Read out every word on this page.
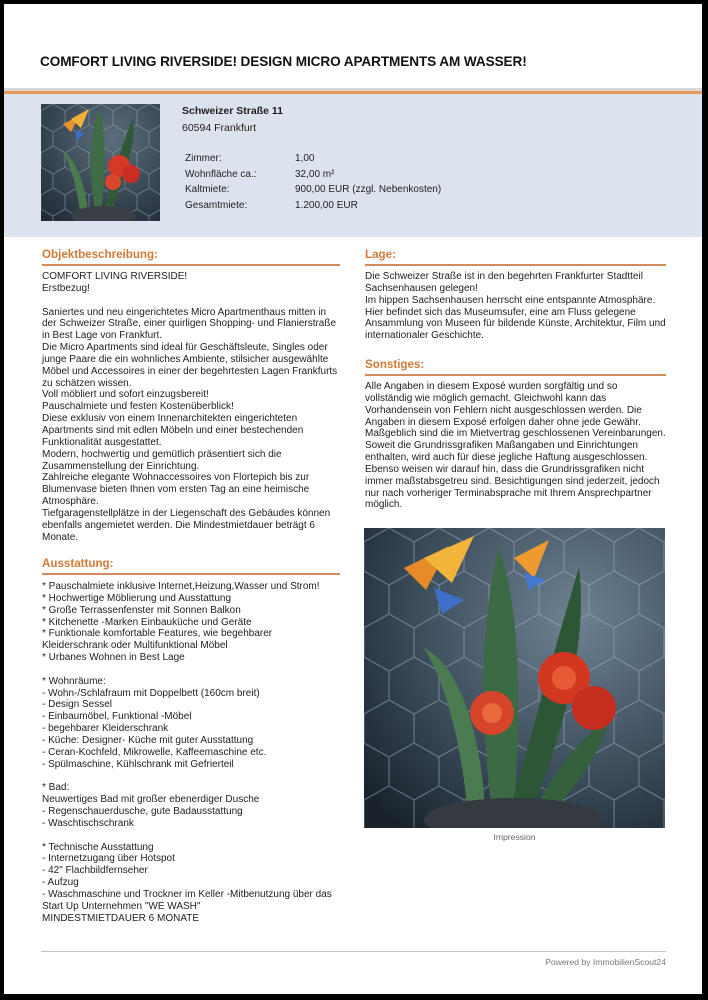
COMFORT LIVING RIVERSIDE! DESIGN MICRO APARTMENTS AM WASSER!
Schweizer Straße 11
60594 Frankfurt
Zimmer:	1,00
Wohnfläche ca.:	32,00 m²
Kaltmiete:	900,00 EUR (zzgl. Nebenkosten)
Gesamtmiete:	1.200,00 EUR
Objektbeschreibung:
COMFORT LIVING RIVERSIDE!
Erstbezug!

Saniertes und neu eingerichtetes Micro Apartmenthaus mitten in der Schweizer Straße, einer quirligen Shopping- und Flanierstraße in Best Lage von Frankfurt.
Die Micro Apartments sind ideal für Geschäftsleute, Singles oder junge Paare die ein wohnliches Ambiente, stilsicher ausgewählte Möbel und Accessoires in einer der begehrtesten Lagen Frankfurts zu schätzen wissen.
Voll möbliert und sofort einzugsbereit!
Pauschalmiete und festen Kostenüberblick!
Diese exklusiv von einem Innenarchitekten eingerichteten Apartments sind mit edlen Möbeln und einer bestechenden Funktionalität ausgestattet.
Modern, hochwertig und gemütlich präsentiert sich die Zusammenstellung der Einrichtung.
Zahlreiche elegante Wohnaccessoires von Flortepich bis zur Blumenvase bieten Ihnen vom ersten Tag an eine heimische Atmosphäre.
Tiefgaragenstellplätze in der Liegenschaft des Gebäudes können ebenfalls angemietet werden. Die Mindestmietdauer beträgt 6 Monate.
Ausstattung:
* Pauschalmiete inklusive Internet,Heizung,Wasser und Strom!
* Hochwertige Möblierung und Ausstattung
* Große Terrassenfenster mit Sonnen Balkon
* Kitchenette -Marken Einbauküche und Geräte
* Funktionale komfortable Features, wie begehbarer Kleiderschrank oder Multifunktional Möbel
* Urbanes Wohnen in Best Lage

* Wohnräume:
- Wohn-/Schlafraum mit Doppelbett (160cm breit)
- Design Sessel
- Einbaumöbel, Funktional -Möbel
- begehbarer Kleiderschrank
- Küche: Designer- Küche mit guter Ausstattung
- Ceran-Kochfeld, Mikrowelle, Kaffeemaschine etc.
- Spülmaschine, Kühlschrank mit Gefrierteil

* Bad:
Neuwertiges Bad mit großer ebenerdiger Dusche
- Regenschauerdusche, gute Badausstattung
- Waschtischschrank

* Technische Ausstattung
- Internetzugang über Hotspot
- 42" Flachbildfernseher
- Aufzug
- Waschmaschine und Trockner im Keller -Mitbenutzung über das Start Up Unternehmen "WE WASH"
MINDESTMIETDAUER 6 MONATE
Lage:
Die Schweizer Straße ist in den begehrten Frankfurter Stadtteil Sachsenhausen gelegen!
Im hippen Sachsenhausen herrscht eine entspannte Atmosphäre. Hier befindet sich das Museumsufer, eine am Fluss gelegene Ansammlung von Museen für bildende Künste, Architektur, Film und internationaler Geschichte.
Sonstiges:
Alle Angaben in diesem Exposé wurden sorgfältig und so vollständig wie möglich gemacht. Gleichwohl kann das Vorhandensein von Fehlern nicht ausgeschlossen werden. Die Angaben in diesem Exposé erfolgen daher ohne jede Gewähr. Maßgeblich sind die im Mietvertrag geschlossenen Vereinbarungen. Soweit die Grundrissgrafiken Maßangaben und Einrichtungen enthalten, wird auch für diese jegliche Haftung ausgeschlossen. Ebenso weisen wir darauf hin, dass die Grundrissgrafiken nicht immer maßstabsgetreu sind. Besichtigungen sind jederzeit, jedoch nur nach vorheriger Terminabsprache mit Ihrem Ansprechpartner möglich.
Impression
Powered by ImmobilienScout24
